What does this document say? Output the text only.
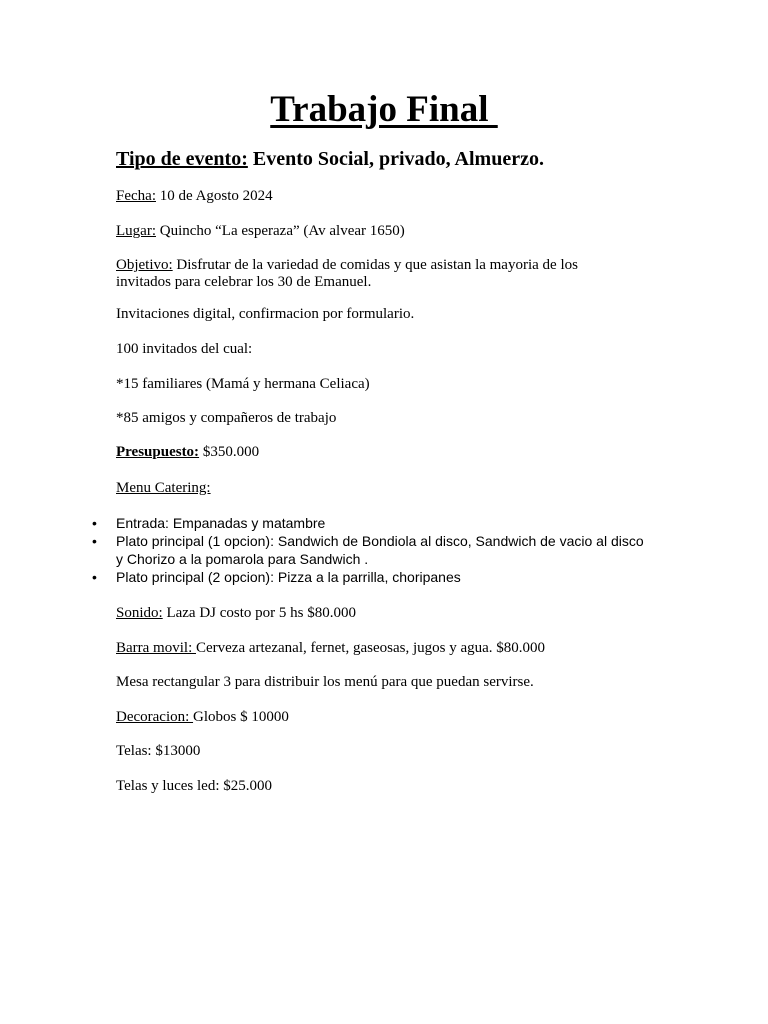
Trabajo Final
Tipo de evento: Evento Social, privado, Almuerzo.
Fecha: 10 de Agosto 2024
Lugar: Quincho “La esperaza” (Av alvear 1650)
Objetivo: Disfrutar de la variedad de comidas y que asistan la mayoria de los invitados para celebrar los 30 de Emanuel.
Invitaciones digital, confirmacion por formulario.
100 invitados del cual:
*15 familiares (Mamá y hermana Celiaca)
*85 amigos y compañeros de trabajo
Presupuesto: $350.000
Menu Catering:
• Entrada: Empanadas y matambre
• Plato principal (1 opcion): Sandwich de Bondiola al disco, Sandwich de vacio al disco y Chorizo a la pomarola para Sandwich .
• Plato principal (2 opcion): Pizza a la parrilla, choripanes
Sonido: Laza DJ costo por 5 hs $80.000
Barra movil: Cerveza artezanal, fernet, gaseosas, jugos y agua. $80.000
Mesa rectangular 3 para distribuir los menú para que puedan servirse.
Decoracion: Globos $ 10000
Telas: $13000
Telas y luces led: $25.000
